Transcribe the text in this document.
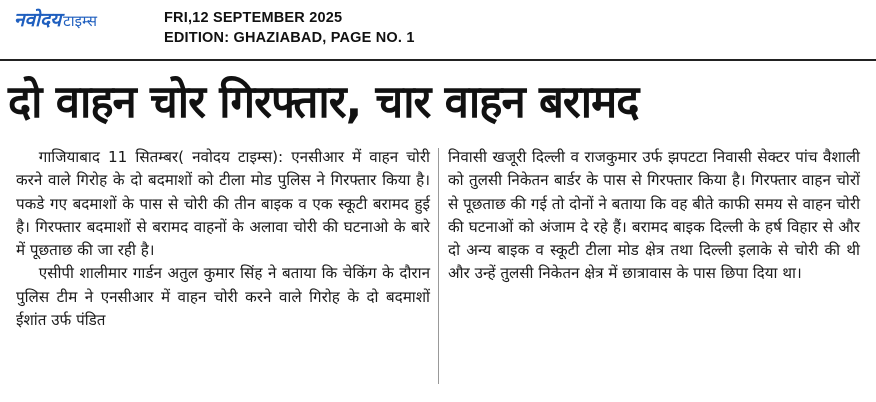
नवोदय टाइम्स	FRI,12 SEPTEMBER 2025
EDITION: GHAZIABAD, PAGE NO. 1
दो वाहन चोर गिरफ्तार, चार वाहन बरामद

गाजियाबाद 11 सितम्बर( नवोदय टाइम्स): एनसीआर में वाहन चोरी करने वाले गिरोह के दो बदमाशों को टीला मोड पुलिस ने गिरफ्तार किया है। पकडे गए बदमाशों के पास से चोरी की तीन बाइक व एक स्कूटी बरामद हुई है। गिरफ्तार बदमाशों से बरामद वाहनों के अलावा चोरी की घटनाओ के बारे में पूछताछ की जा रही है।

एसीपी शालीमार गार्डन अतुल कुमार सिंह ने बताया कि चेकिंग के दौरान पुलिस टीम ने एनसीआर में वाहन चोरी करने वाले गिरोह के दो बदमाशों ईशांत उर्फ पंडित

निवासी खजूरी दिल्ली व राजकुमार उर्फ झपटटा निवासी सेक्टर पांच वैशाली को तुलसी निकेतन बार्डर के पास से गिरफ्तार किया है। गिरफ्तार वाहन चोरों से पूछताछ की गई तो दोनों ने बताया कि वह बीते काफी समय से वाहन चोरी की घटनाओं को अंजाम दे रहे हैं। बरामद बाइक दिल्ली के हर्ष विहार से और दो अन्य बाइक व स्कूटी टीला मोड क्षेत्र तथा दिल्ली इलाके से चोरी की थी और उन्हें तुलसी निकेतन क्षेत्र में छात्रावास के पास छिपा दिया था।
